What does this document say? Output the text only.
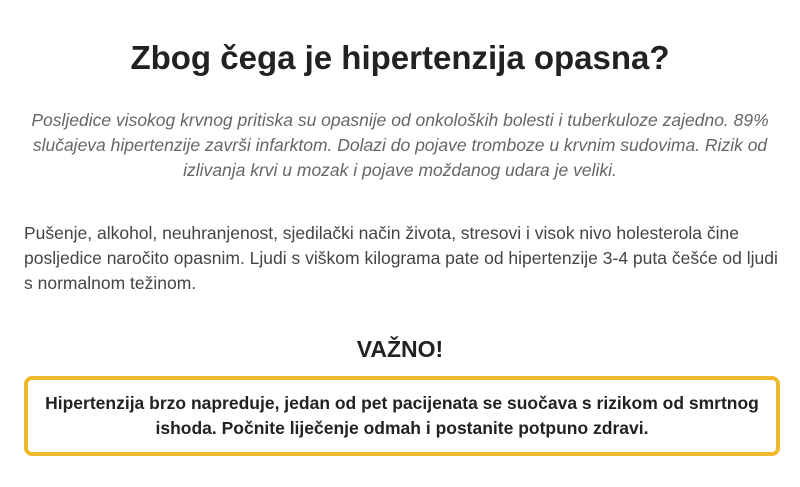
Zbog čega je hipertenzija opasna?

Posljedice visokog krvnog pritiska su opasnije od onkoloških bolesti i tuberkuloze zajedno. 89% slučajeva hipertenzije završi infarktom. Dolazi do pojave tromboze u krvnim sudovima. Rizik od izlivanja krvi u mozak i pojave moždanog udara je veliki.

Pušenje, alkohol, neuhranjenost, sjedilački način života, stresovi i visok nivo holesterola čine posljedice naročito opasnim. Ljudi s viškom kilograma pate od hipertenzije 3-4 puta češće od ljudi s normalnom težinom.

VAŽNO!

Hipertenzija brzo napreduje, jedan od pet pacijenata se suočava s rizikom od smrtnog ishoda. Počnite liječenje odmah i postanite potpuno zdravi.
